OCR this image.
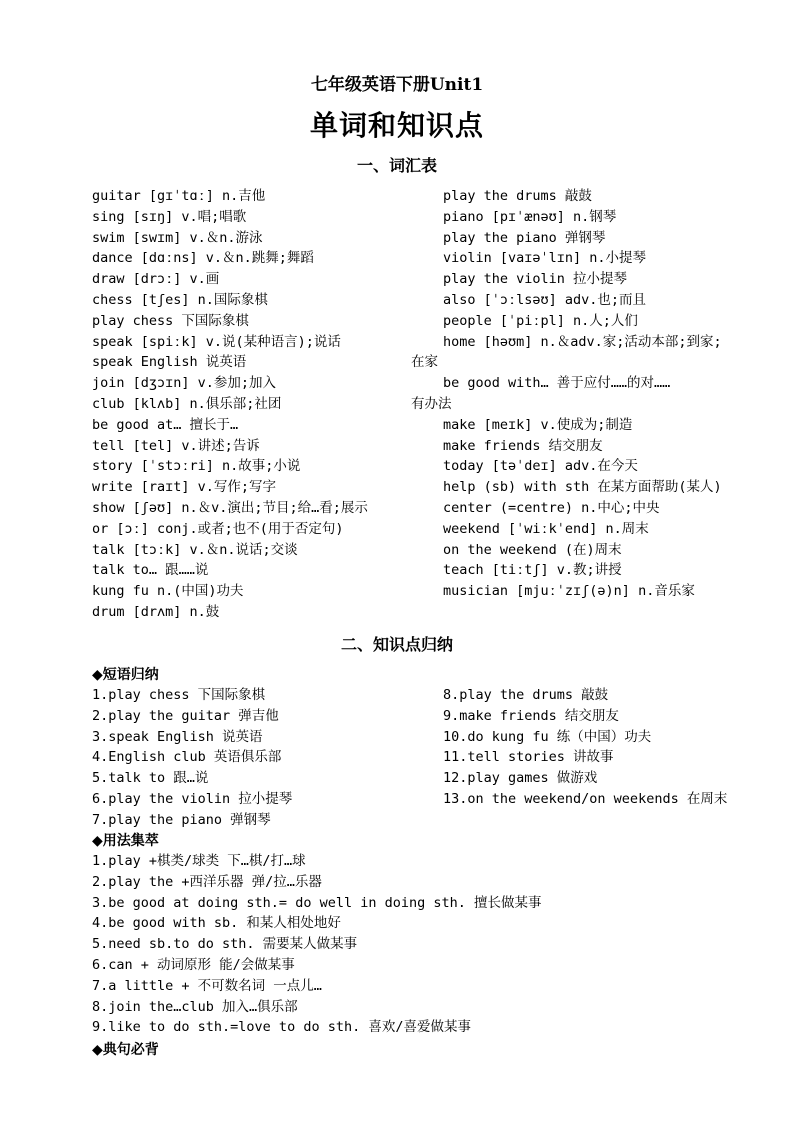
七年级英语下册Unit1
单词和知识点
一、词汇表
guitar [gɪˈtɑː] n.吉他
sing [sɪŋ] v.唱;唱歌
swim [swɪm] v.＆n.游泳
dance [dɑːns] v.＆n.跳舞;舞蹈
draw [drɔː] v.画
chess [tʃes] n.国际象棋
play chess 下国际象棋
speak [spiːk] v.说(某种语言);说话
speak English 说英语
join [dʒɔɪn] v.参加;加入
club [klʌb] n.俱乐部;社团
be good at… 擅长于…
tell [tel] v.讲述;告诉
story [ˈstɔːri] n.故事;小说
write [raɪt] v.写作;写字
show [ʃəʊ] n.＆v.演出;节目;给…看;展示
or [ɔː] conj.或者;也不(用于否定句)
talk [tɔːk] v.＆n.说话;交谈
talk to… 跟……说
kung fu n.(中国)功夫
drum [drʌm] n.鼓
play the drums 敲鼓
piano [pɪˈænəʊ] n.钢琴
play the piano 弹钢琴
violin [vaɪəˈlɪn] n.小提琴
play the violin 拉小提琴
also [ˈɔːlsəʊ] adv.也;而且
people [ˈpiːpl] n.人;人们
home [həʊm] n.＆adv.家;活动本部;到家;
在家
be good with… 善于应付……的对……
有办法
make [meɪk] v.使成为;制造
make friends 结交朋友
today [təˈdeɪ] adv.在今天
help (sb) with sth 在某方面帮助(某人)
center (=centre) n.中心;中央
weekend [ˈwiːkˈend] n.周末
on the weekend (在)周末
teach [tiːtʃ] v.教;讲授
musician [mjuːˈzɪʃ(ə)n] n.音乐家
二、知识点归纳
◆短语归纳
1.play chess 下国际象棋
2.play the guitar 弹吉他
3.speak English 说英语
4.English club 英语俱乐部
5.talk to 跟…说
6.play the violin 拉小提琴
7.play the piano 弹钢琴
8.play the drums 敲鼓
9.make friends 结交朋友
10.do kung fu 练（中国）功夫
11.tell stories 讲故事
12.play games 做游戏
13.on the weekend/on weekends 在周末
◆用法集萃
1.play +棋类/球类 下…棋/打…球
2.play the +西洋乐器 弹/拉…乐器
3.be good at doing sth.= do well in doing sth. 擅长做某事
4.be good with sb. 和某人相处地好
5.need sb.to do sth. 需要某人做某事
6.can + 动词原形 能/会做某事
7.a little + 不可数名词 一点儿…
8.join the…club 加入…俱乐部
9.like to do sth.=love to do sth. 喜欢/喜爱做某事
◆典句必背
